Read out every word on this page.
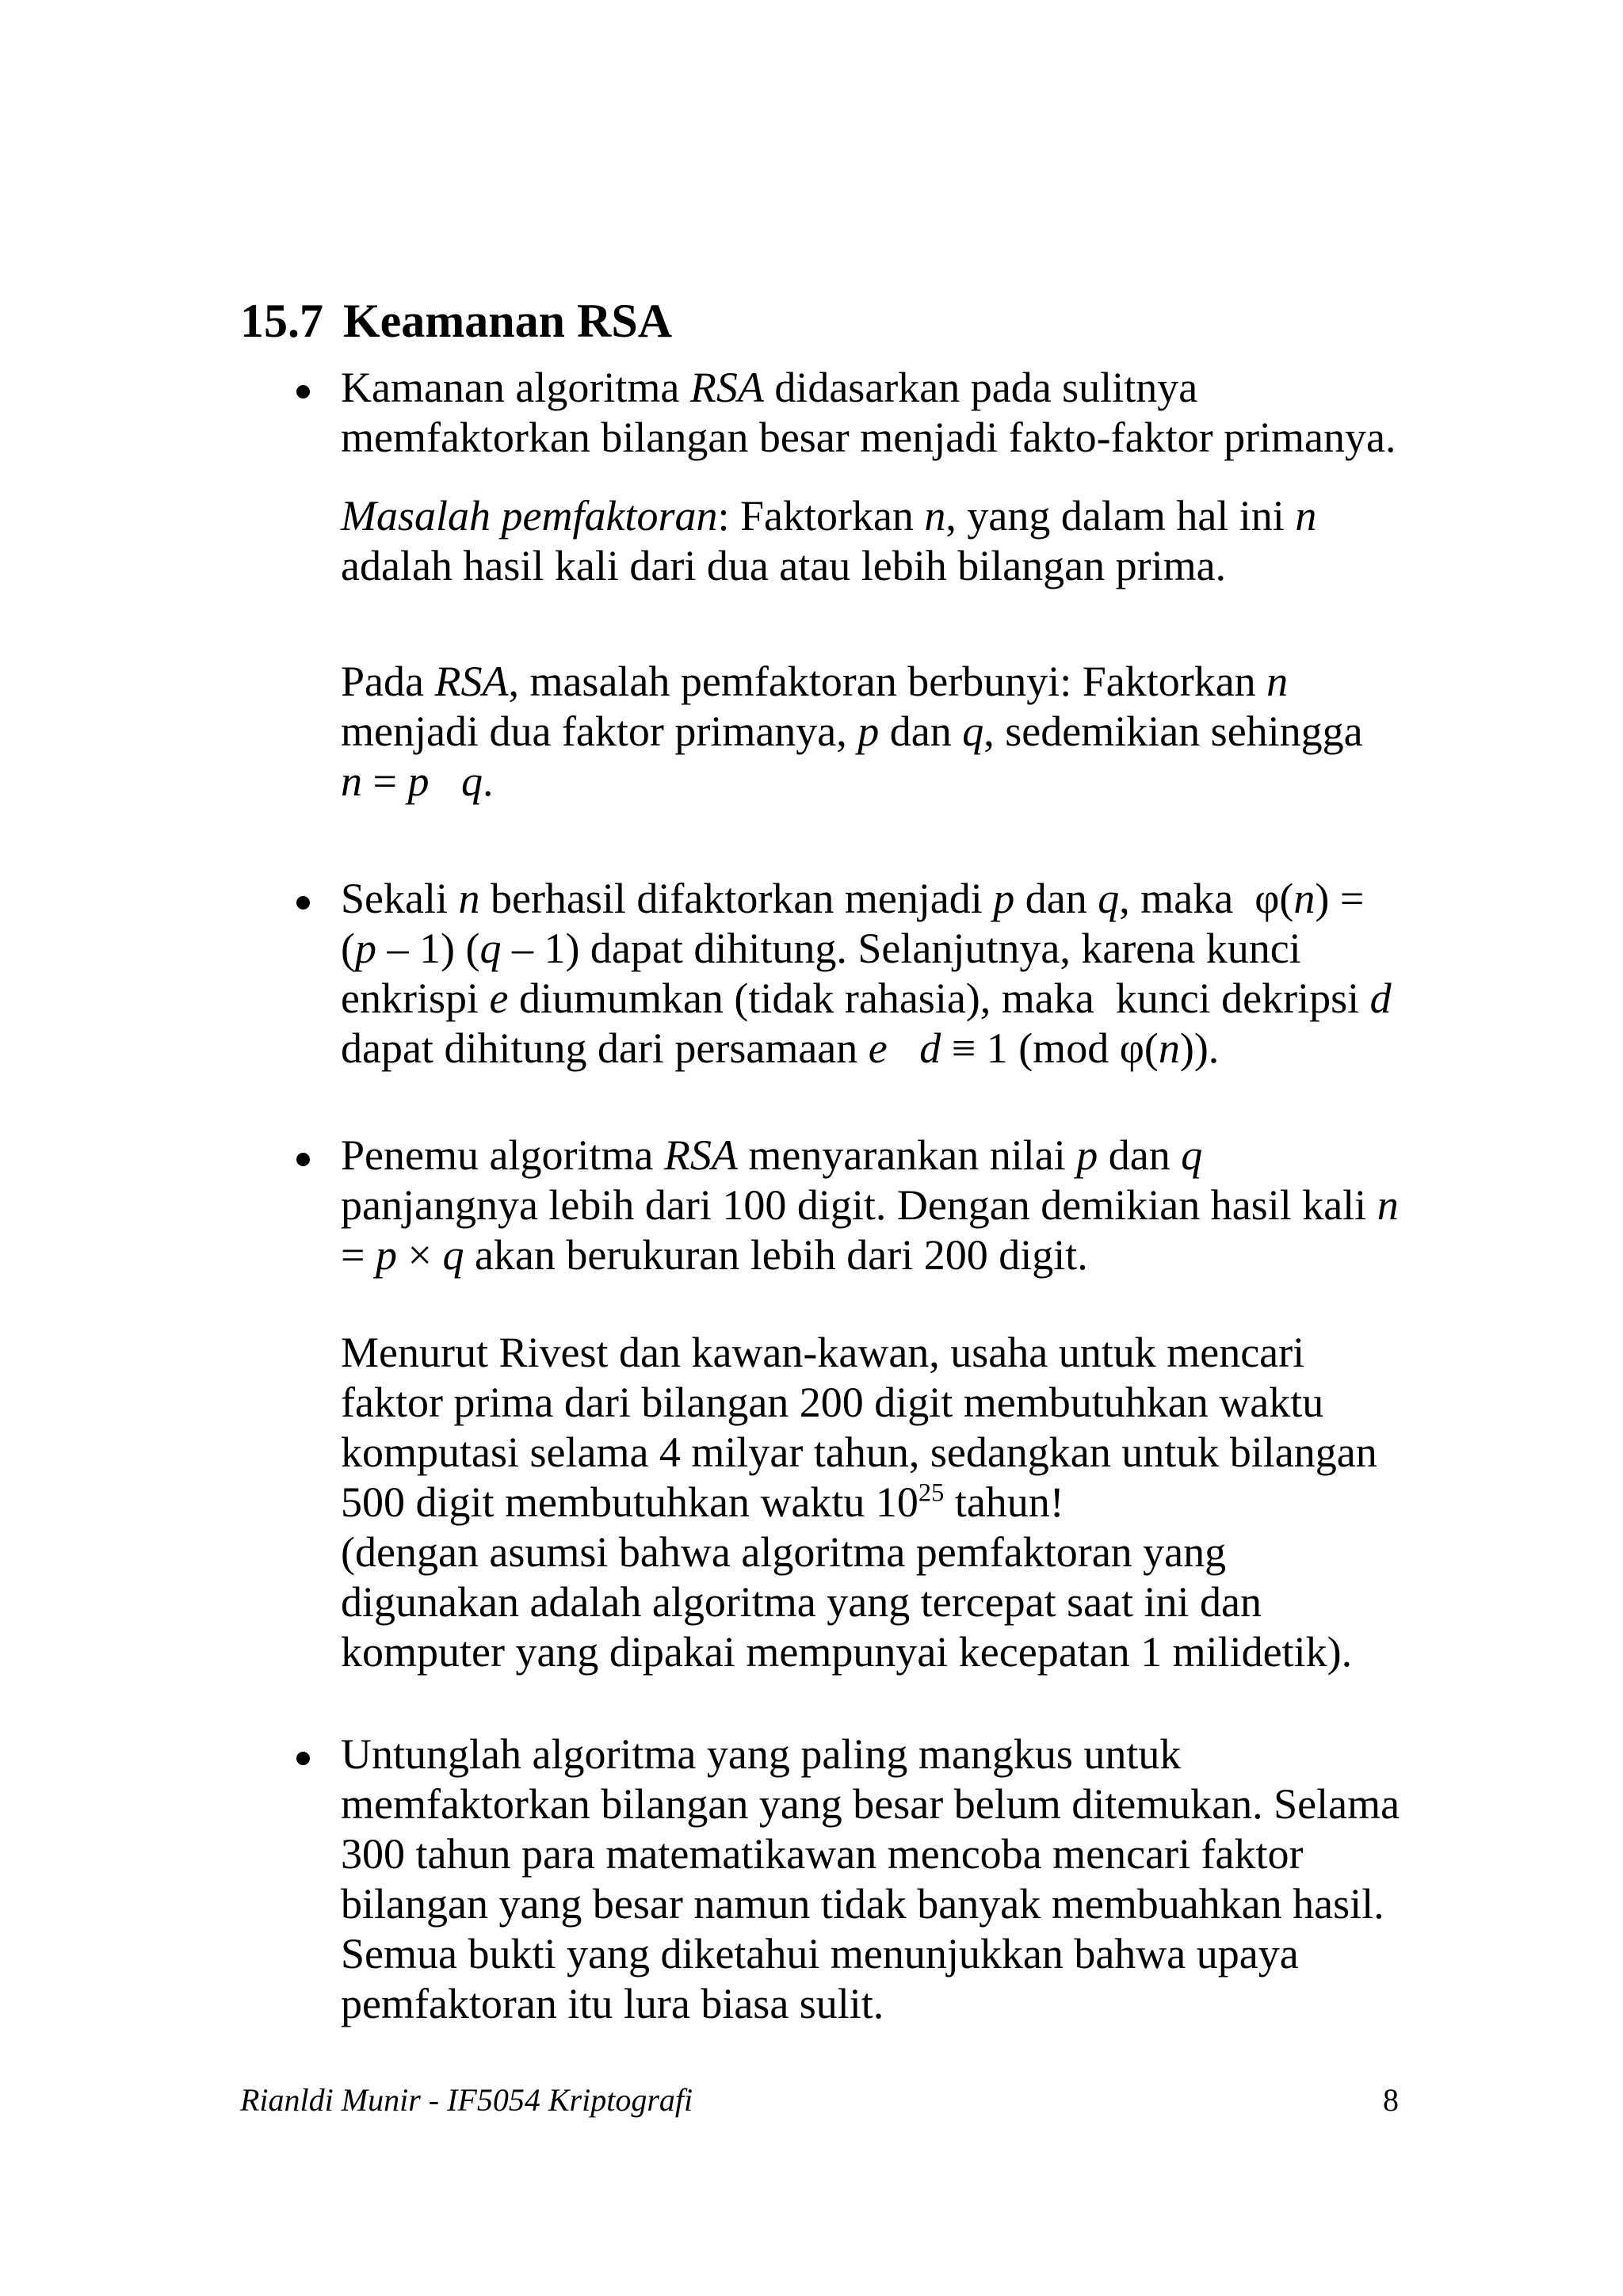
15.7 Keamanan RSA
Kamanan algoritma RSA didasarkan pada sulitnya
memfaktorkan bilangan besar menjadi fakto-faktor primanya.
Masalah pemfaktoran: Faktorkan n, yang dalam hal ini n
adalah hasil kali dari dua atau lebih bilangan prima.
Pada RSA, masalah pemfaktoran berbunyi: Faktorkan n
menjadi dua faktor primanya, p dan q, sedemikian sehingga
n = p   q.
Sekali n berhasil difaktorkan menjadi p dan q, maka  φ(n) =
(p – 1) (q – 1) dapat dihitung. Selanjutnya, karena kunci
enkrispi e diumumkan (tidak rahasia), maka  kunci dekripsi d
dapat dihitung dari persamaan e   d ≡ 1 (mod φ(n)).
Penemu algoritma RSA menyarankan nilai p dan q
panjangnya lebih dari 100 digit. Dengan demikian hasil kali n
= p × q akan berukuran lebih dari 200 digit.
Menurut Rivest dan kawan-kawan, usaha untuk mencari
faktor prima dari bilangan 200 digit membutuhkan waktu
komputasi selama 4 milyar tahun, sedangkan untuk bilangan
500 digit membutuhkan waktu $10^{25}$ tahun!
(dengan asumsi bahwa algoritma pemfaktoran yang
digunakan adalah algoritma yang tercepat saat ini dan
komputer yang dipakai mempunyai kecepatan 1 milidetik).
Untunglah algoritma yang paling mangkus untuk
memfaktorkan bilangan yang besar belum ditemukan. Selama
300 tahun para matematikawan mencoba mencari faktor
bilangan yang besar namun tidak banyak membuahkan hasil.
Semua bukti yang diketahui menunjukkan bahwa upaya
pemfaktoran itu lura biasa sulit.
Rianldi Munir - IF5054 Kriptografi	8
